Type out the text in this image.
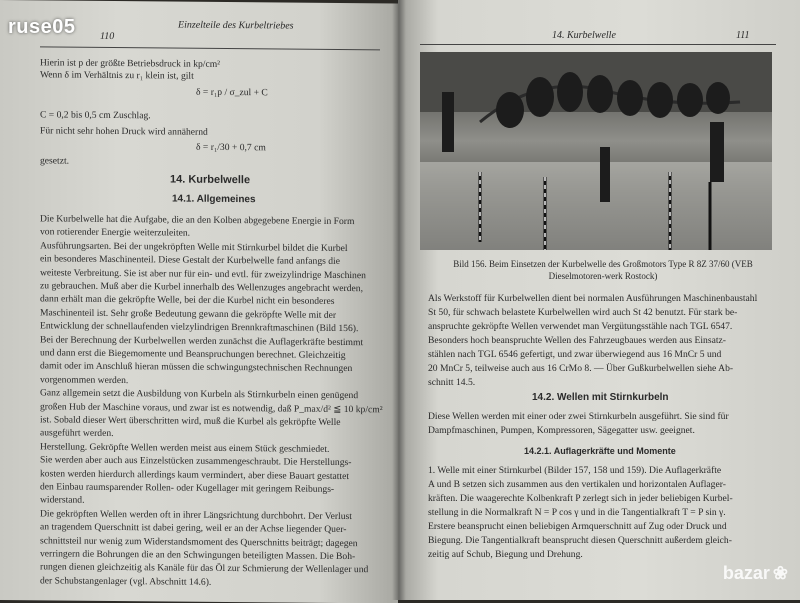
110
Einzelteile des Kurbeltriebes
Hierin ist p der größte Betriebsdruck in kp/cm²
Wenn δ im Verhältnis zu r₁ klein ist, gilt
δ = r₁p / σ_zul + C
C = 0,2 bis 0,5 cm Zuschlag.
Für nicht sehr hohen Druck wird annähernd
δ = r₁/30 + 0,7 cm
gesetzt.
14. Kurbelwelle
14.1. Allgemeines
Die Kurbelwelle hat die Aufgabe, die an den Kolben abgegebene Energie in Form
von rotierender Energie weiterzuleiten.
Ausführungsarten. Bei der ungekröpften Welle mit Stirnkurbel bildet die Kurbel
ein besonderes Maschinenteil. Diese Gestalt der Kurbelwelle fand anfangs die
weiteste Verbreitung. Sie ist aber nur für ein- und evtl. für zweizylindrige Maschinen
zu gebrauchen. Muß aber die Kurbel innerhalb des Wellenzuges angebracht werden,
dann erhält man die gekröpfte Welle, bei der die Kurbel nicht ein besonderes
Maschinenteil ist. Sehr große Bedeutung gewann die gekröpfte Welle mit der
Entwicklung der schnellaufenden vielzylindrigen Brennkraftmaschinen (Bild 156).
Bei der Berechnung der Kurbelwellen werden zunächst die Auflagerkräfte bestimmt
und dann erst die Biegemomente und Beanspruchungen berechnet. Gleichzeitig
damit oder im Anschluß hieran müssen die schwingungstechnischen Rechnungen
vorgenommen werden.
Ganz allgemein setzt die Ausbildung von Kurbeln als Stirnkurbeln einen genügend
großen Hub der Maschine voraus, und zwar ist es notwendig, daß P_max/d² ≦ 10 kp/cm²
ist. Sobald dieser Wert überschritten wird, muß die Kurbel als gekröpfte Welle
ausgeführt werden.
Herstellung. Gekröpfte Wellen werden meist aus einem Stück geschmiedet.
Sie werden aber auch aus Einzelstücken zusammengeschraubt. Die Herstellungs-
kosten werden hierdurch allerdings kaum vermindert, aber diese Bauart gestattet
den Einbau raumsparender Rollen- oder Kugellager mit geringem Reibungs-
widerstand.
Die gekröpften Wellen werden oft in ihrer Längsrichtung durchbohrt. Der Verlust
an tragendem Querschnitt ist dabei gering, weil er an der Achse liegender Quer-
schnittsteil nur wenig zum Widerstandsmoment des Querschnitts beiträgt; dagegen
verringern die Bohrungen die an den Schwingungen beteiligten Massen. Die Boh-
rungen dienen gleichzeitig als Kanäle für das Öl zur Schmierung der Wellenlager und
der Schubstangenlager (vgl. Abschnitt 14.6).
14. Kurbelwelle	111
Bild 156. Beim Einsetzen der Kurbelwelle des Großmotors Type R 8Z 37/60 (VEB Dieselmotoren-werk Rostock)
Als Werkstoff für Kurbelwellen dient bei normalen Ausführungen Maschinenbaustahl
St 50, für schwach belastete Kurbelwellen wird auch St 42 benutzt. Für stark be-
anspruchte gekröpfte Wellen verwendet man Vergütungsstähle nach TGL 6547.
Besonders hoch beanspruchte Wellen des Fahrzeugbaues werden aus Einsatz-
stählen nach TGL 6546 gefertigt, und zwar überwiegend aus 16 MnCr 5 und
20 MnCr 5, teilweise auch aus 16 CrMo 8. — Über Gußkurbelwellen siehe Ab-
schnitt 14.5.
14.2. Wellen mit Stirnkurbeln
Diese Wellen werden mit einer oder zwei Stirnkurbeln ausgeführt. Sie sind für
Dampfmaschinen, Pumpen, Kompressoren, Sägegatter usw. geeignet.
14.2.1. Auflagerkräfte und Momente
1. Welle mit einer Stirnkurbel (Bilder 157, 158 und 159). Die Auflagerkräfte
A und B setzen sich zusammen aus den vertikalen und horizontalen Auflager-
kräften. Die waagerechte Kolbenkraft P zerlegt sich in jeder beliebigen Kurbel-
stellung in die Normalkraft N = P cos γ und in die Tangentialkraft T = P sin γ.
Erstere beansprucht einen beliebigen Armquerschnitt auf Zug oder Druck und
Biegung. Die Tangentialkraft beansprucht diesen Querschnitt außerdem gleich-
zeitig auf Schub, Biegung und Drehung.
ruse05
bazar ❀
